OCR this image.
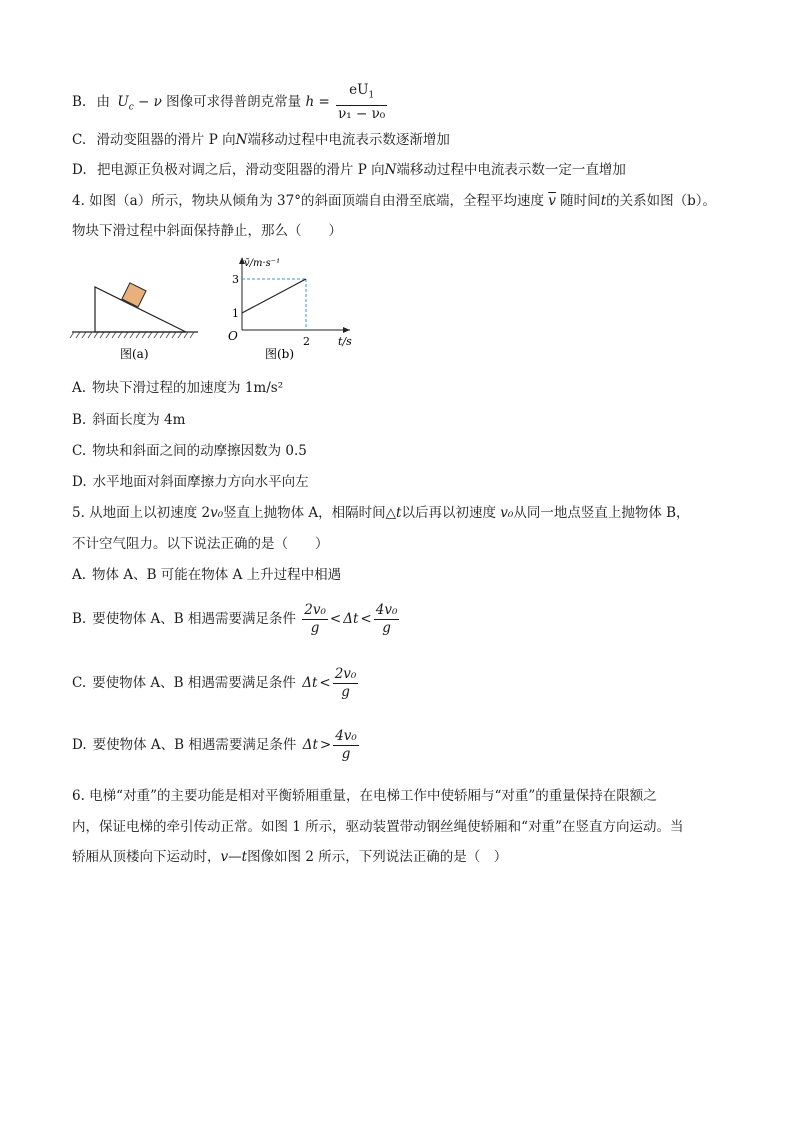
B. 由 $U_c - \nu$ 图像可求得普朗克常量 $h = \frac{eU_1}{\text{ν₁ − ν₀}}$
C. 滑动变阻器的滑片 P 向N端移动过程中电流表示数逐渐增加
D. 把电源正负极对调之后，滑动变阻器的滑片 P 向N端移动过程中电流表示数一定一直增加
4. 如图（a）所示，物块从倾角为 37°的斜面顶端自由滑至底端，全程平均速度 $\overline{v}$ 随时间t的关系如图（b）。
物块下滑过程中斜面保持静止，那么（　　）
图(a)
1
3
2
v̄/m·s⁻¹
O	t/s
图(b)
A. 物块下滑过程的加速度为 1m/s²
B. 斜面长度为 4m
C. 物块和斜面之间的动摩擦因数为 0.5
D. 水平地面对斜面摩擦力方向水平向左
5. 从地面上以初速度 2v₀竖直上抛物体 A，相隔时间△t以后再以初速度 v₀从同一地点竖直上抛物体 B，
不计空气阻力。以下说法正确的是（　　）
A. 物体 A、B 可能在物体 A 上升过程中相遇
B. 要使物体 A、B 相遇需要满足条件 $\frac{\text{2v₀}}{g} < \Delta t < \frac{\text{4v₀}}{g}$
C. 要使物体 A、B 相遇需要满足条件 $\Delta t < \frac{\text{2v₀}}{g}$
D. 要使物体 A、B 相遇需要满足条件 $\Delta t > \frac{\text{4v₀}}{g}$
6. 电梯“对重”的主要功能是相对平衡轿厢重量，在电梯工作中使轿厢与“对重”的重量保持在限额之
内，保证电梯的牵引传动正常。如图 1 所示，驱动装置带动钢丝绳使轿厢和“对重”在竖直方向运动。当
轿厢从顶楼向下运动时，v—t图像如图 2 所示，下列说法正确的是（　）
